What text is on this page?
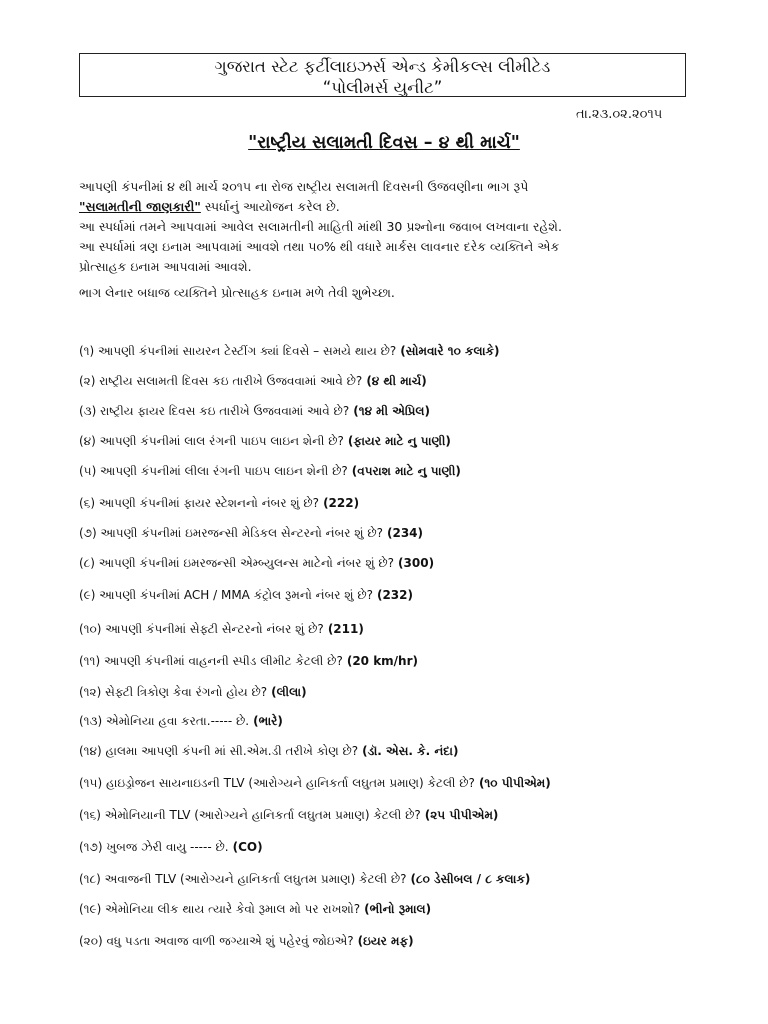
ગુજરાત સ્ટેટ ફર્ટીલાઇઝર્સ એન્ડ કેમીકલ્સ લીમીટેડ
“પોલીમર્સ યુનીટ”
તા.૨૩.૦૨.૨૦૧૫
"રાષ્ટ્રીય સલામતી દિવસ – ૪ થી માર્ચ"

આપણી કંપનીમાં ૪ થી માર્ચ ૨૦૧૫ ના રોજ રાષ્ટ્રીય સલામતી દિવસની ઉજવણીના ભાગ રૂપે

"સલામતીની જાણકારી" સ્પર્ધાનું આયોજન કરેલ છે.

આ સ્પર્ધામાં તમને આપવામાં આવેલ સલામતીની માહિતી માંથી 30 પ્રશ્નોના જવાબ લખવાના રહેશે.

આ સ્પર્ધામાં ત્રણ ઇનામ આપવામાં આવશે તથા ૫૦% થી વધારે માર્કસ લાવનાર દરેક વ્યક્તિને એક

પ્રોત્સાહક ઇનામ આપવામાં આવશે.

ભાગ લેનાર બધાજ વ્યક્તિને પ્રોત્સાહક ઇનામ મળે તેવી શુભેચ્છા.

(૧) આપણી કંપનીમાં સાયરન ટેસ્ટીંગ ક્યાં દિવસે – સમયે થાય છે? (સોમવારે ૧૦ કલાકે)
(૨) રાષ્ટ્રીય સલામતી દિવસ કઇ તારીખે ઉજવવામાં આવે છે? (૪ થી માર્ચ)
(૩) રાષ્ટ્રીય ફાયર દિવસ કઇ તારીખે ઉજવવામાં આવે છે? (૧૪ મી એપ્રિલ)
(૪) આપણી કંપનીમાં લાલ રંગની પાઇપ લાઇન શેની છે? (ફાયર માટે નુ પાણી)
(૫) આપણી કંપનીમાં લીલા રંગની પાઇપ લાઇન શેની છે? (વપરાશ માટે નુ પાણી)
(૬) આપણી કંપનીમાં ફાયર સ્ટેશનનો નંબર શું છે? (222)
(૭) આપણી કંપનીમાં ઇમરજન્સી મેડિકલ સેન્ટરનો નંબર શું છે? (234)
(૮) આપણી કંપનીમાં ઇમરજન્સી એમ્બ્યુલન્સ માટેનો નંબર શું છે? (300)
(૯) આપણી કંપનીમાં ACH / MMA કંટ્રોલ રૂમનો નંબર શું છે? (232)
(૧૦) આપણી કંપનીમાં સેફ્ટી સેન્ટરનો નંબર શું છે? (211)
(૧૧) આપણી કંપનીમાં વાહનની સ્પીડ લીમીટ કેટલી છે? (20 km/hr)
(૧૨) સેફ્ટી ત્રિકોણ કેવા રંગનો હોય છે? (લીલા)
(૧૩) એમોનિયા હવા કરતા.----- છે. (ભારે)
(૧૪) હાલમા આપણી કંપની માં સી.એમ.ડી તરીખે કોણ છે? (ડૉ. એસ. કે. નંદા)
(૧૫) હાઇડ્રોજન સાયનાઇડની TLV (આરોગ્યને હાનિકર્તા લઘુતમ પ્રમાણ) કેટલી છે? (૧૦ પીપીએમ)
(૧૬) એમોનિયાની TLV (આરોગ્યને હાનિકર્તા લઘુતમ પ્રમાણ) કેટલી છે? (૨૫ પીપીએમ)
(૧૭) ખુબજ ઝેરી વાયુ ----- છે. (CO)
(૧૮) અવાજની TLV (આરોગ્યને હાનિકર્તા લઘુતમ પ્રમાણ) કેટલી છે? (૮૦ ડેસીબલ / ૮ કલાક)
(૧૯) એમોનિયા લીક થાય ત્યારે કેવો રૂમાલ મો પર રાખશો? (ભીનો રૂમાલ)
(૨૦) વધુ પડતા અવાજ વાળી જગ્યાએ શું પહેરવું જોઇએ? (ઇયર મફ)
